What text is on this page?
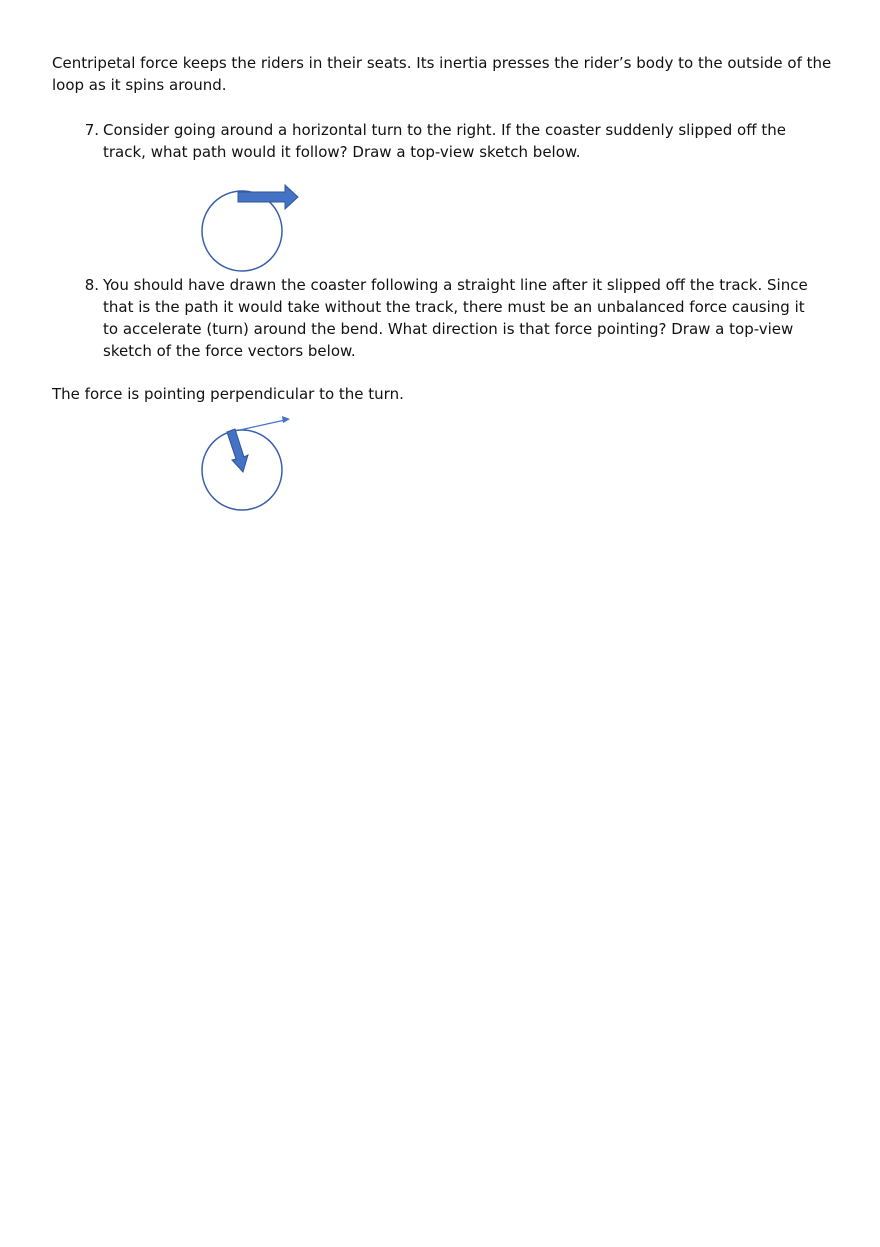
Centripetal force keeps the riders in their seats. Its inertia presses the rider’s body to the outside of the loop as it spins around.
7. Consider going around a horizontal turn to the right. If the coaster suddenly slipped off the track, what path would it follow? Draw a top-view sketch below.
8. You should have drawn the coaster following a straight line after it slipped off the track. Since that is the path it would take without the track, there must be an unbalanced force causing it to accelerate (turn) around the bend. What direction is that force pointing? Draw a top-view sketch of the force vectors below.
The force is pointing perpendicular to the turn.
